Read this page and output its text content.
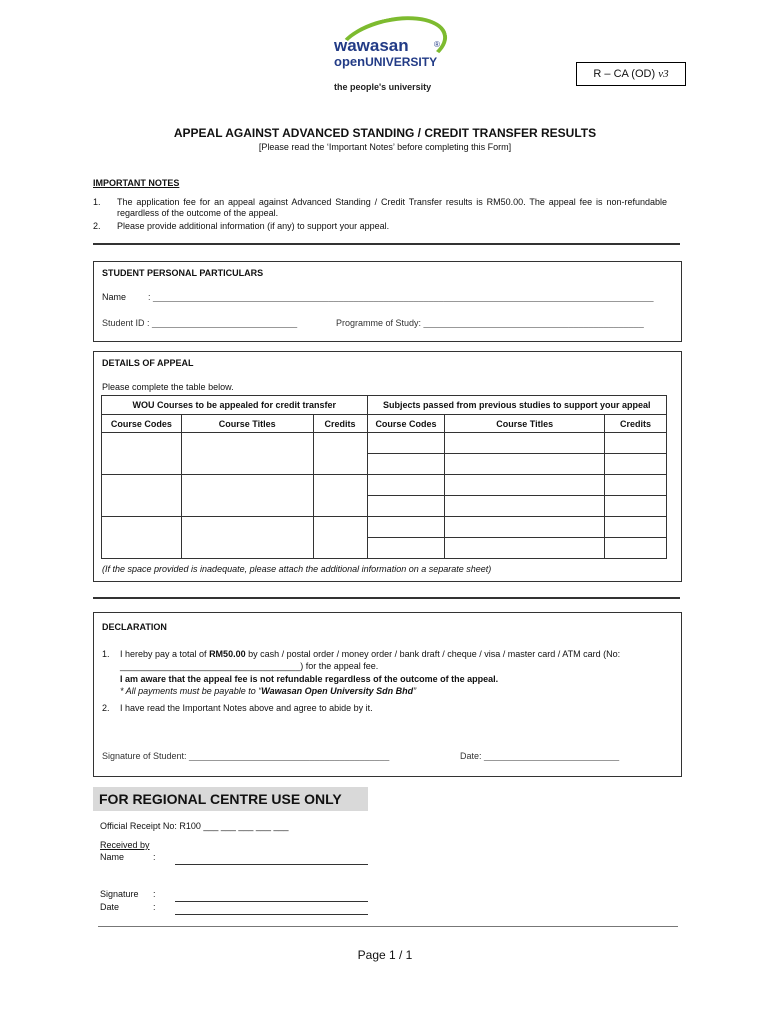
wawasan	®
openUNIVERSITY
the people's university
R – CA (OD) v3
APPEAL AGAINST ADVANCED STANDING / CREDIT TRANSFER RESULTS
[Please read the ‘Important Notes’ before completing this Form]
IMPORTANT NOTES
1. The application fee for an appeal against Advanced Standing / Credit Transfer results is RM50.00. The appeal fee is non-refundable regardless of the outcome of the appeal.
2. Please provide additional information (if any) to support your appeal.
STUDENT PERSONAL PARTICULARS
Name : ____________________________________________________________________________________________________
Student ID : _____________________________	Programme of Study: ____________________________________________
DETAILS OF APPEAL
Please complete the table below.
WOU Courses to be appealed for credit transfer			Subjects passed from previous studies to support your appeal		
Course Codes	Course Titles	Credits	Course Codes	Course Titles	Credits

(If the space provided is inadequate, please attach the additional information on a separate sheet)
DECLARATION
1. I hereby pay a total of RM50.00 by cash / postal order / money order / bank draft / cheque / visa / master card / ATM card (No:
____________________________________) for the appeal fee.
I am aware that the appeal fee is not refundable regardless of the outcome of the appeal.
* All payments must be payable to “Wawasan Open University Sdn Bhd”
2. I have read the Important Notes above and agree to abide by it.
Signature of Student: ________________________________________	Date: ___________________________
FOR REGIONAL CENTRE USE ONLY
Official Receipt No: R100 ___ ___ ___ ___ ___
Received by
Name	:
Signature :
Date	:
Page 1 / 1
